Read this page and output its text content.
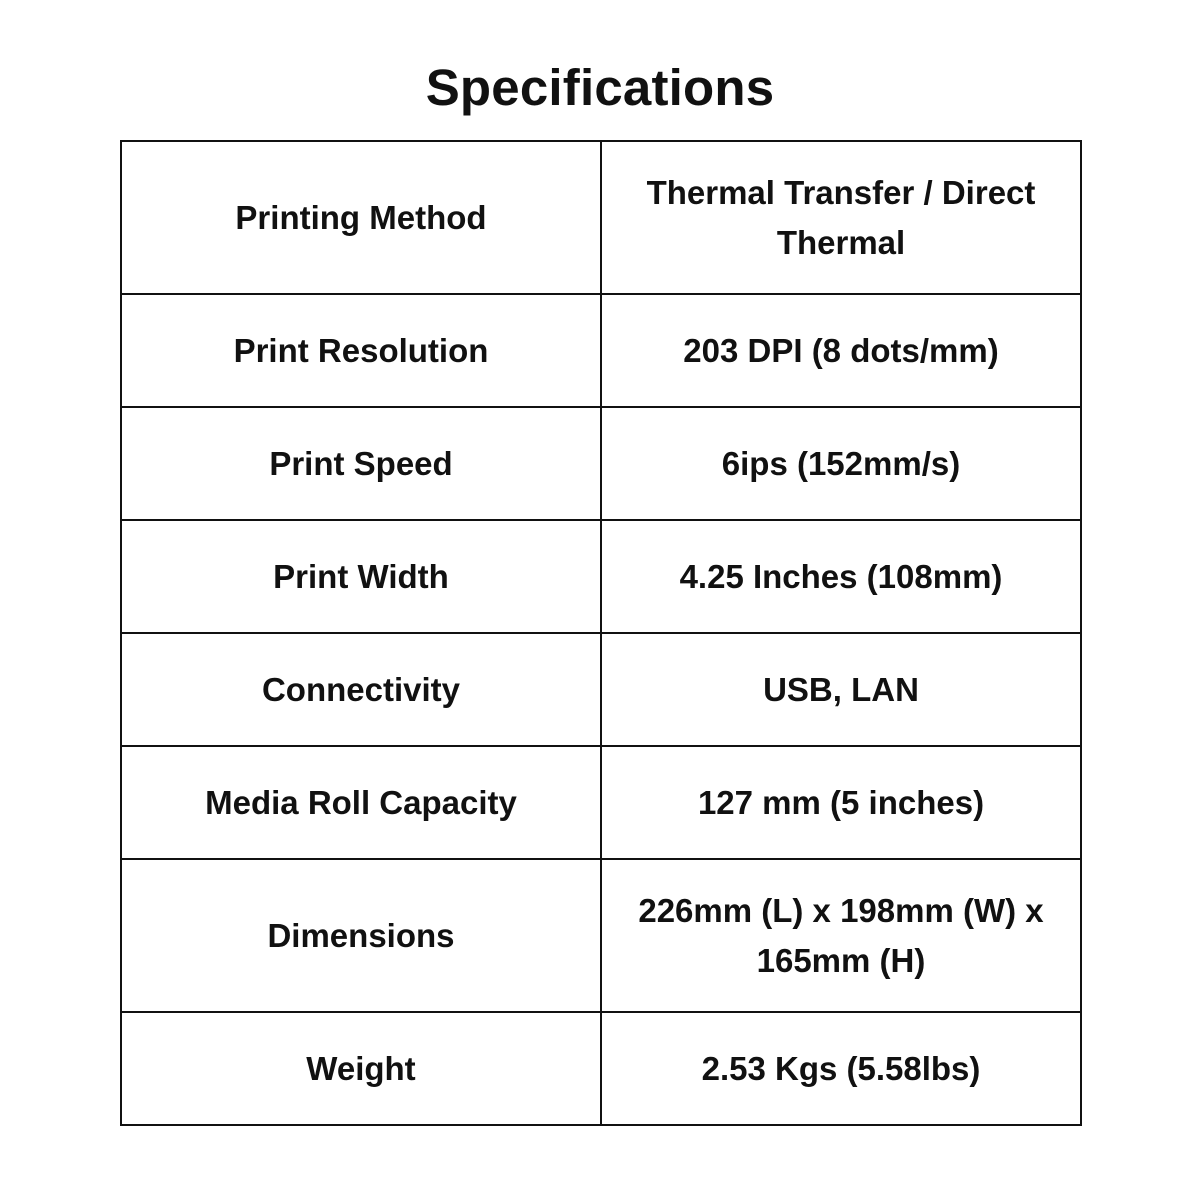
Specifications
Printing Method	Thermal Transfer / Direct Thermal
Print Resolution	203 DPI (8 dots/mm)
Print Speed	6ips (152mm/s)
Print Width	4.25 Inches (108mm)
Connectivity	USB, LAN
Media Roll Capacity	127 mm (5 inches)
Dimensions	226mm (L) x 198mm (W) x 165mm (H)
Weight	2.53 Kgs (5.58lbs)
